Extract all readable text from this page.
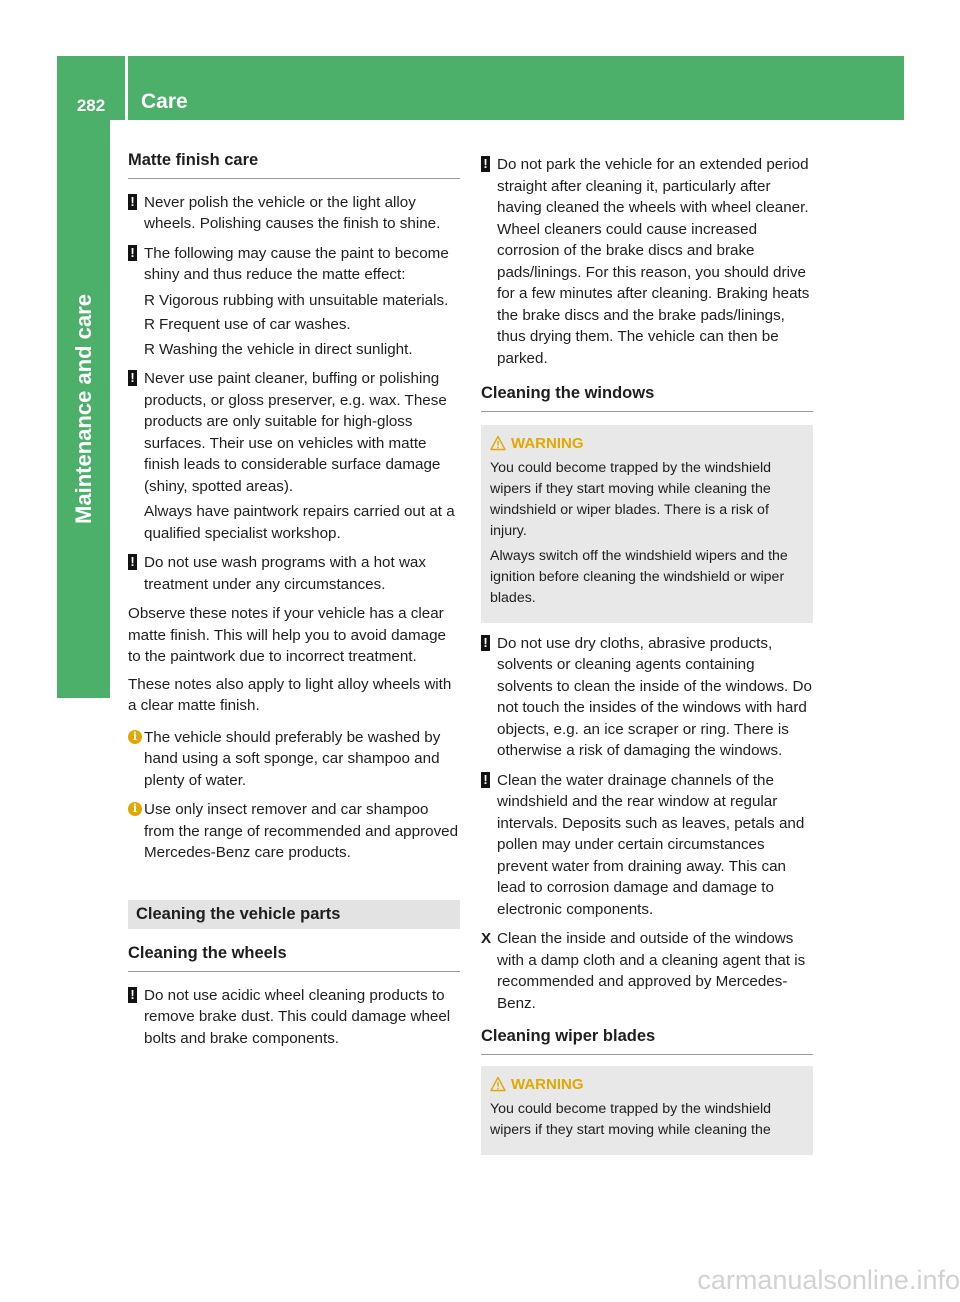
282	Care
Maintenance and care
Matte finish care
! Never polish the vehicle or the light alloy wheels. Polishing causes the finish to shine.
! The following may cause the paint to become shiny and thus reduce the matte effect:
R Vigorous rubbing with unsuitable materials.
R Frequent use of car washes.
R Washing the vehicle in direct sunlight.
! Never use paint cleaner, buffing or polishing products, or gloss preserver, e.g. wax. These products are only suitable for high-gloss surfaces. Their use on vehicles with matte finish leads to considerable surface damage (shiny, spotted areas).
Always have paintwork repairs carried out at a qualified specialist workshop.
! Do not use wash programs with a hot wax treatment under any circumstances.

Observe these notes if your vehicle has a clear matte finish. This will help you to avoid damage to the paintwork due to incorrect treatment.

These notes also apply to light alloy wheels with a clear matte finish.

i The vehicle should preferably be washed by hand using a soft sponge, car shampoo and plenty of water.
i Use only insect remover and car shampoo from the range of recommended and approved Mercedes-Benz care products.
Cleaning the vehicle parts
Cleaning the wheels
! Do not use acidic wheel cleaning products to remove brake dust. This could damage wheel bolts and brake components.
! Do not park the vehicle for an extended period straight after cleaning it, particularly after having cleaned the wheels with wheel cleaner. Wheel cleaners could cause increased corrosion of the brake discs and brake pads/linings. For this reason, you should drive for a few minutes after cleaning. Braking heats the brake discs and the brake pads/linings, thus drying them. The vehicle can then be parked.
Cleaning the windows
WARNING

You could become trapped by the windshield wipers if they start moving while cleaning the windshield or wiper blades. There is a risk of injury.

Always switch off the windshield wipers and the ignition before cleaning the windshield or wiper blades.

! Do not use dry cloths, abrasive products, solvents or cleaning agents containing solvents to clean the inside of the windows. Do not touch the insides of the windows with hard objects, e.g. an ice scraper or ring. There is otherwise a risk of damaging the windows.
! Clean the water drainage channels of the windshield and the rear window at regular intervals. Deposits such as leaves, petals and pollen may under certain circumstances prevent water from draining away. This can lead to corrosion damage and damage to electronic components.
X Clean the inside and outside of the windows with a damp cloth and a cleaning agent that is recommended and approved by Mercedes-Benz.
Cleaning wiper blades
WARNING

You could become trapped by the windshield wipers if they start moving while cleaning the

carmanualsonline.info
